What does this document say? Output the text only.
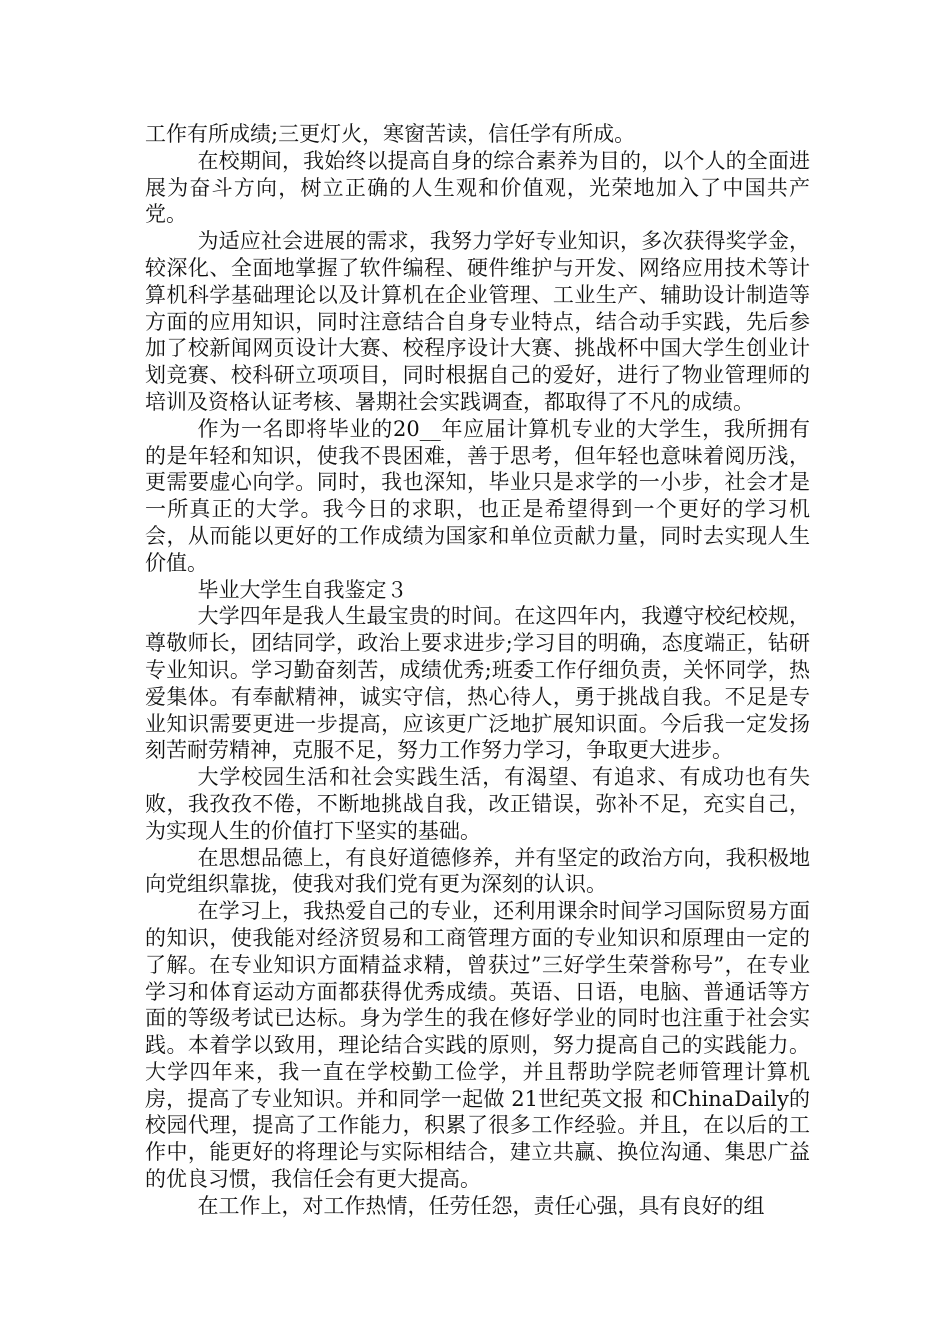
工作有所成绩;三更灯火，寒窗苦读，信任学有所成。

在校期间，我始终以提高自身的综合素养为目的，以个人的全面进展为奋斗方向，树立正确的人生观和价值观，光荣地加入了中国共产党。

为适应社会进展的需求，我努力学好专业知识，多次获得奖学金，较深化、全面地掌握了软件编程、硬件维护与开发、网络应用技术等计算机科学基础理论以及计算机在企业管理、工业生产、辅助设计制造等方面的应用知识，同时注意结合自身专业特点，结合动手实践，先后参加了校新闻网页设计大赛、校程序设计大赛、挑战杯中国大学生创业计划竞赛、校科研立项项目，同时根据自己的爱好，进行了物业管理师的培训及资格认证考核、暑期社会实践调查，都取得了不凡的成绩。

作为一名即将毕业的20__年应届计算机专业的大学生，我所拥有的是年轻和知识，使我不畏困难，善于思考，但年轻也意味着阅历浅，更需要虚心向学。同时，我也深知，毕业只是求学的一小步，社会才是一所真正的大学。我今日的求职，也正是希望得到一个更好的学习机会，从而能以更好的工作成绩为国家和单位贡献力量，同时去实现人生价值。

毕业大学生自我鉴定３

大学四年是我人生最宝贵的时间。在这四年内，我遵守校纪校规，尊敬师长，团结同学，政治上要求进步;学习目的明确，态度端正，钻研专业知识。学习勤奋刻苦，成绩优秀;班委工作仔细负责，关怀同学，热爱集体。有奉献精神，诚实守信，热心待人，勇于挑战自我。不足是专业知识需要更进一步提高，应该更广泛地扩展知识面。今后我一定发扬刻苦耐劳精神，克服不足，努力工作努力学习，争取更大进步。

大学校园生活和社会实践生活，有渴望、有追求、有成功也有失败，我孜孜不倦，不断地挑战自我，改正错误，弥补不足，充实自己，为实现人生的价值打下坚实的基础。

在思想品德上，有良好道德修养，并有坚定的政治方向，我积极地向党组织靠拢，使我对我们党有更为深刻的认识。

在学习上，我热爱自己的专业，还利用课余时间学习国际贸易方面的知识，使我能对经济贸易和工商管理方面的专业知识和原理由一定的了解。在专业知识方面精益求精，曾获过”三好学生荣誉称号”，在专业学习和体育运动方面都获得优秀成绩。英语、日语，电脑、普通话等方面的等级考试已达标。身为学生的我在修好学业的同时也注重于社会实践。本着学以致用，理论结合实践的原则，努力提高自己的实践能力。大学四年来，我一直在学校勤工俭学，并且帮助学院老师管理计算机房，提高了专业知识。并和同学一起做 21世纪英文报 和ChinaDaily的校园代理，提高了工作能力，积累了很多工作经验。并且，在以后的工作中，能更好的将理论与实际相结合，建立共赢、换位沟通、集思广益的优良习惯，我信任会有更大提高。

在工作上，对工作热情，任劳任怨，责任心强，具有良好的组
